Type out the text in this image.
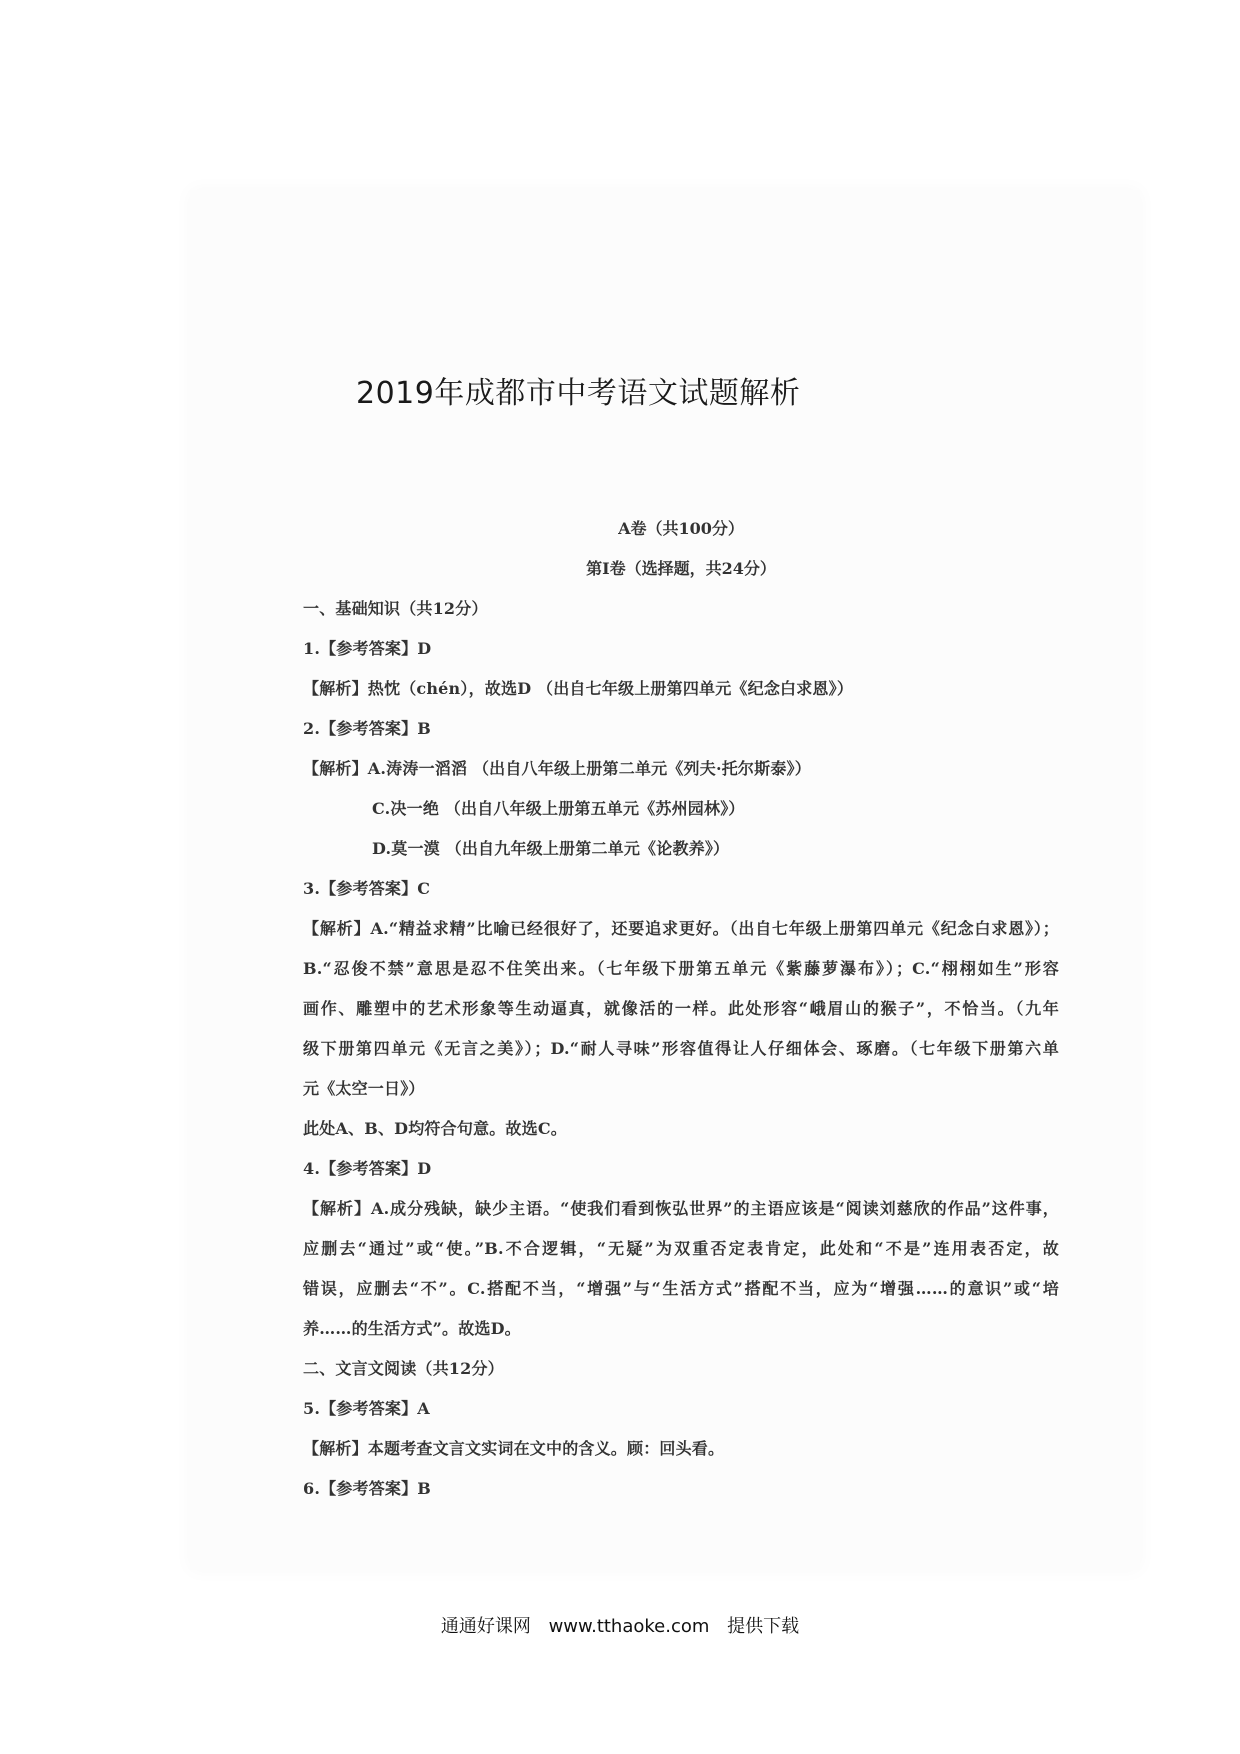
2019年成都市中考语文试题解析
A卷（共100分）
第Ⅰ卷（选择题，共24分）
一、基础知识（共12分）
1.【参考答案】D
【解析】热忱（chén），故选D （出自七年级上册第四单元《纪念白求恩》）
2.【参考答案】B
【解析】A.涛涛一滔滔 （出自八年级上册第二单元《列夫·托尔斯泰》）
C.决一绝 （出自八年级上册第五单元《苏州园林》）
D.莫一漠 （出自九年级上册第二单元《论教养》）
3.【参考答案】C
【解析】A.“精益求精”比喻已经很好了，还要追求更好。（出自七年级上册第四单元《纪念白求恩》）；
B.“忍俊不禁”意思是忍不住笑出来。（七年级下册第五单元《紫藤萝瀑布》）；C.“栩栩如生”形容
画作、雕塑中的艺术形象等生动逼真，就像活的一样。此处形容“峨眉山的猴子”，不恰当。（九年
级下册第四单元《无言之美》）；D.“耐人寻味”形容值得让人仔细体会、琢磨。（七年级下册第六单
元《太空一日》）
此处A、B、D均符合句意。故选C。
4.【参考答案】D
【解析】A.成分残缺，缺少主语。“使我们看到恢弘世界”的主语应该是“阅读刘慈欣的作品”这件事，
应删去“通过”或“使。”B.不合逻辑，“无疑”为双重否定表肯定，此处和“不是”连用表否定，故
错误，应删去“不”。C.搭配不当，“增强”与“生活方式”搭配不当，应为“增强……的意识”或“培
养……的生活方式”。故选D。
二、文言文阅读（共12分）
5.【参考答案】A
【解析】本题考查文言文实词在文中的含义。顾：回头看。
6.【参考答案】B
通通好课网 www.tthaoke.com 提供下载
